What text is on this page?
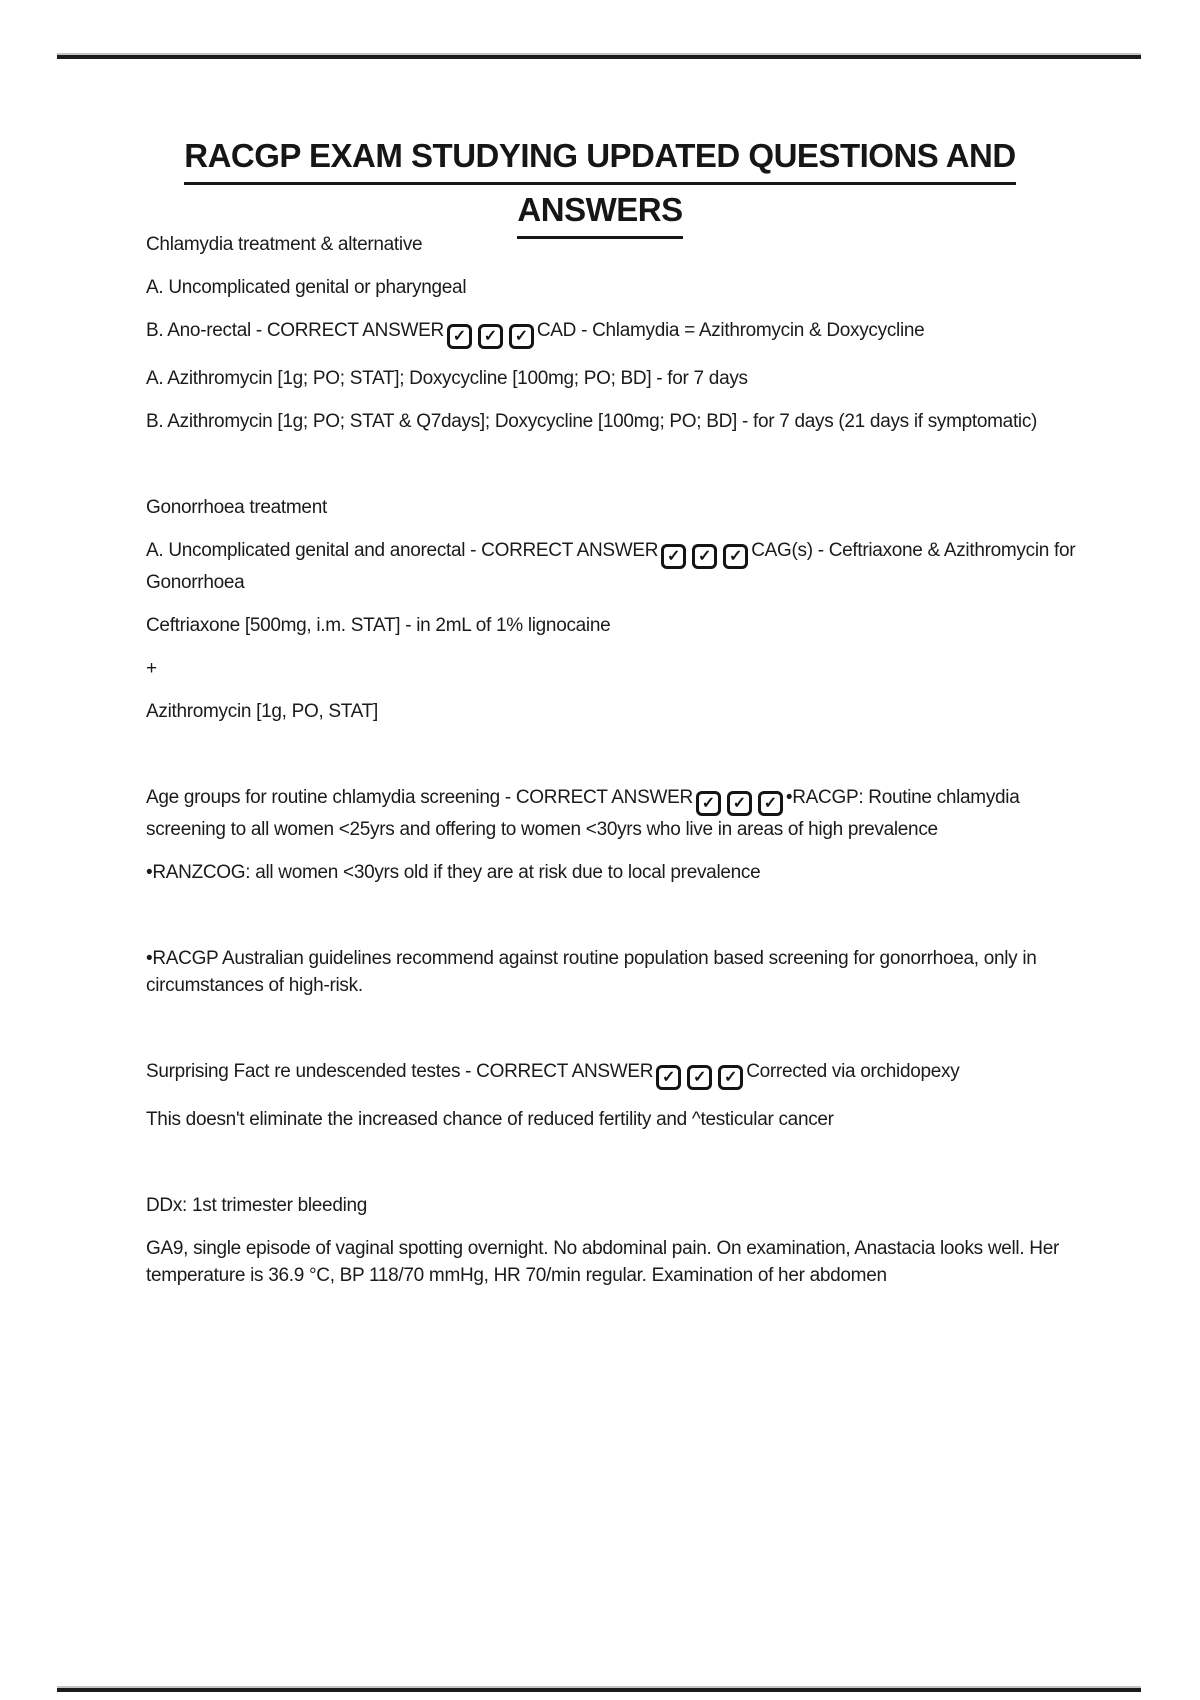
RACGP EXAM STUDYING UPDATED QUESTIONS AND
ANSWERS

Chlamydia treatment & alternative

A. Uncomplicated genital or pharyngeal

B. Ano-rectal - CORRECT ANSWER ✓ ✓ ✓ CAD - Chlamydia = Azithromycin & Doxycycline

A. Azithromycin [1g; PO; STAT]; Doxycycline [100mg; PO; BD] - for 7 days

B. Azithromycin [1g; PO; STAT & Q7days]; Doxycycline [100mg; PO; BD] - for 7 days (21 days if symptomatic)

Gonorrhoea treatment

A. Uncomplicated genital and anorectal - CORRECT ANSWER ✓ ✓ ✓ CAG(s) - Ceftriaxone & Azithromycin for Gonorrhoea

Ceftriaxone [500mg, i.m. STAT] - in 2mL of 1% lignocaine

+

Azithromycin [1g, PO, STAT]

Age groups for routine chlamydia screening - CORRECT ANSWER ✓ ✓ ✓ •RACGP: Routine chlamydia screening to all women <25yrs and offering to women <30yrs who live in areas of high prevalence

•RANZCOG: all women <30yrs old if they are at risk due to local prevalence

•RACGP Australian guidelines recommend against routine population based screening for gonorrhoea, only in circumstances of high-risk.

Surprising Fact re undescended testes - CORRECT ANSWER ✓ ✓ ✓ Corrected via orchidopexy

This doesn't eliminate the increased chance of reduced fertility and ^testicular cancer

DDx: 1st trimester bleeding

GA9, single episode of vaginal spotting overnight. No abdominal pain. On examination, Anastacia looks well. Her temperature is 36.9 °C, BP 118/70 mmHg, HR 70/min regular. Examination of her abdomen
